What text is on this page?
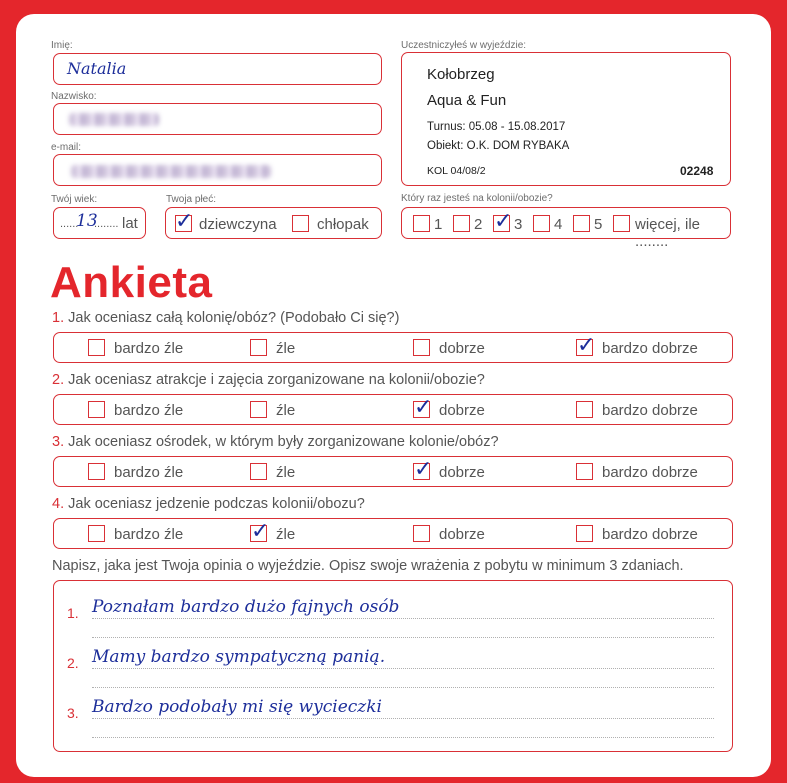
Imię:
Natalia
Nazwisko:
e-mail:
Twój wiek:
......
13
........ lat
Twoja płeć:
✓ dziewczyna	chłopak
Uczestniczyłeś w wyjeździe:
Kołobrzeg
Aqua & Fun
Turnus: 05.08 - 15.08.2017
Obiekt: O.K. DOM RYBAKA
KOL 04/08/2	02248
Który raz jesteś na kolonii/obozie?
1 2 ✓ 3 4 5 więcej, ile ........
Ankieta
1. Jak oceniasz całą kolonię/obóz? (Podobało Ci się?)
bardzo źle	źle	dobrze	✓ bardzo dobrze
2. Jak oceniasz atrakcje i zajęcia zorganizowane na kolonii/obozie?
bardzo źle	źle	✓ dobrze	bardzo dobrze
3. Jak oceniasz ośrodek, w którym były zorganizowane kolonie/obóz?
bardzo źle	źle	✓ dobrze	bardzo dobrze
4. Jak oceniasz jedzenie podczas kolonii/obozu?
bardzo źle	✓ źle	dobrze	bardzo dobrze
Napisz, jaka jest Twoja opinia o wyjeździe. Opisz swoje wrażenia z pobytu w minimum 3 zdaniach.
1. Poznałam bardzo dużo fajnych osób
2. Mamy bardzo sympatyczną panią.
3. Bardzo podobały mi się wycieczki
